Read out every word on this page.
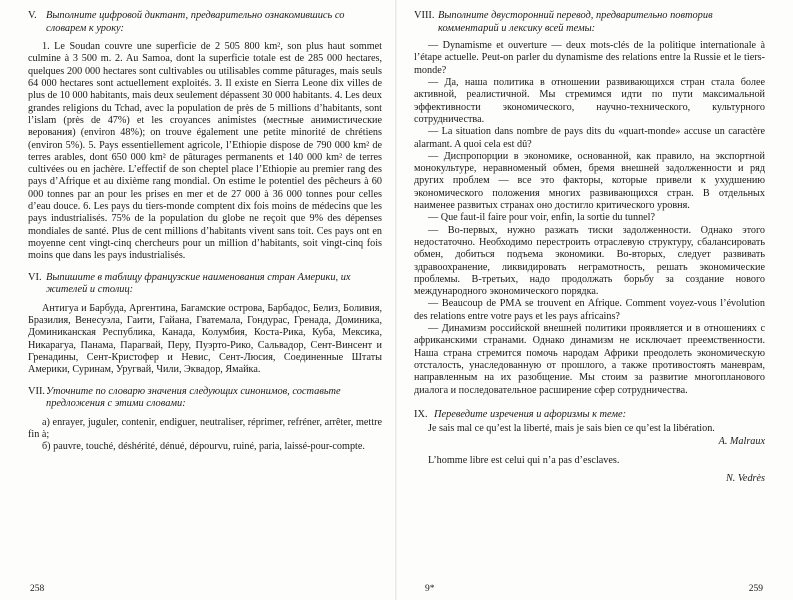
V. Выполните цифровой диктант, предварительно ознакомившись со словарем к уроку:

1. Le Soudan couvre une superficie de 2 505 800 km², son plus haut sommet culmine à 3 500 m. 2. Au Samoa, dont la superficie totale est de 285 000 hectares, quelques 200 000 hectares sont cultivables ou utilisables comme pâturages, mais seuls 64 000 hectares sont actuellement exploités. 3. Il existe en Sierra Leone dix villes de plus de 10 000 habitants, mais deux seulement dépassent 30 000 habitants. 4. Les deux grandes religions du Tchad, avec la population de près de 5 millions d’habitants, sont l’islam (près de 47%) et les croyances animistes (местные анимистические верования) (environ 48%); on trouve également une petite minorité de chrétiens (environ 5%). 5. Pays essentiellement agricole, l’Ethiopie dispose de 790 000 km² de terres arables, dont 650 000 km² de pâturages permanents et 140 000 km² de terres cultivées ou en jachère. L’effectif de son cheptel place l’Ethiopie au premier rang des pays d’Afrique et au dixième rang mondial. On estime le potentiel des pêcheurs à 60 000 tonnes par an pour les prises en mer et de 27 000 à 36 000 tonnes pour celles d’eau douce. 6. Les pays du tiers-monde comptent dix fois moins de médecins que les pays industrialisés. 75% de la population du globe ne reçoit que 9% des dépenses mondiales de santé. Plus de cent millions d’habitants vivent sans toit. Ces pays ont en moyenne cent vingt-cinq chercheurs pour un million d’habitants, soit vingt-cinq fois moins que dans les pays industrialisés.

VI. Выпишите в таблицу французские наименования стран Америки, их жителей и столиц:

Антигуа и Барбуда, Аргентина, Багамские острова, Барбадос, Белиз, Боливия, Бразилия, Венесуэла, Гаити, Гайана, Гватемала, Гондурас, Гренада, Доминика, Доминиканская Республика, Канада, Колумбия, Коста-Рика, Куба, Мексика, Никарагуа, Панама, Парагвай, Перу, Пуэрто-Рико, Сальвадор, Сент-Винсент и Гренадины, Сент-Кристофер и Невис, Сент-Люсия, Соединенные Штаты Америки, Суринам, Уругвай, Чили, Эквадор, Ямайка.

VII. Уточните по словарю значения следующих синонимов, составьте предложения с этими словами:

a) enrayer, juguler, contenir, endiguer, neutraliser, réprimer, refréner, arrêter, mettre fin à;

б) pauvre, touché, déshérité, dénué, dépourvu, ruiné, paria, laissé-pour-compte.

258
VIII. Выполните двусторонний перевод, предварительно повторив комментарий и лексику всей темы:

— Dynamisme et ouverture — deux mots-clés de la politique internationale à l’étape actuelle. Peut-on parler du dynamisme des relations entre la Russie et le tiers-monde?

— Да, наша политика в отношении развивающихся стран стала более активной, реалистичной. Мы стремимся идти по пути максимальной эффективности экономического, научно-технического, культурного сотрудничества.

— La situation dans nombre de pays dits du «quart-monde» accuse un caractère alarmant. A quoi cela est dû?

— Диспропорции в экономике, основанной, как правило, на экспортной монокультуре, неравноменый обмен, бремя внешней задолженности и ряд других проблем — все это факторы, которые привели к ухудшению экономического положения многих развивающихся стран. В отдельных наименее развитых странах оно достигло критического уровня.

— Que faut-il faire pour voir, enfin, la sortie du tunnel?

— Во-первых, нужно разжать тиски задолженности. Однако этого недостаточно. Необходимо перестроить отраслевую структуру, сбалансировать обмен, добиться подъема экономики. Во-вторых, следует развивать здравоохранение, ликвидировать неграмотность, решать экономические проблемы. В-третьих, надо продолжать борьбу за создание нового международного экономического порядка.

— Beaucoup de PMA se trouvent en Afrique. Comment voyez-vous l’évolution des relations entre votre pays et les pays africains?

— Динамизм российской внешней политики проявляется и в отношениях с африканскими странами. Однако динамизм не исключает преемственности. Наша страна стремится помочь народам Африки преодолеть экономическую отсталость, унаследованную от прошлого, а также противостоять маневрам, направленным на их разобщение. Мы стоим за развитие многопланового диалога и последовательное расширение сфер сотрудничества.

IX. Переведите изречения и афоризмы к теме:
Je sais mal ce qu’est la liberté, mais je sais bien ce qu’est la libération.
A. Malraux
L’homme libre est celui qui n’a pas d’esclaves.
N. Vedrès
9*	259
